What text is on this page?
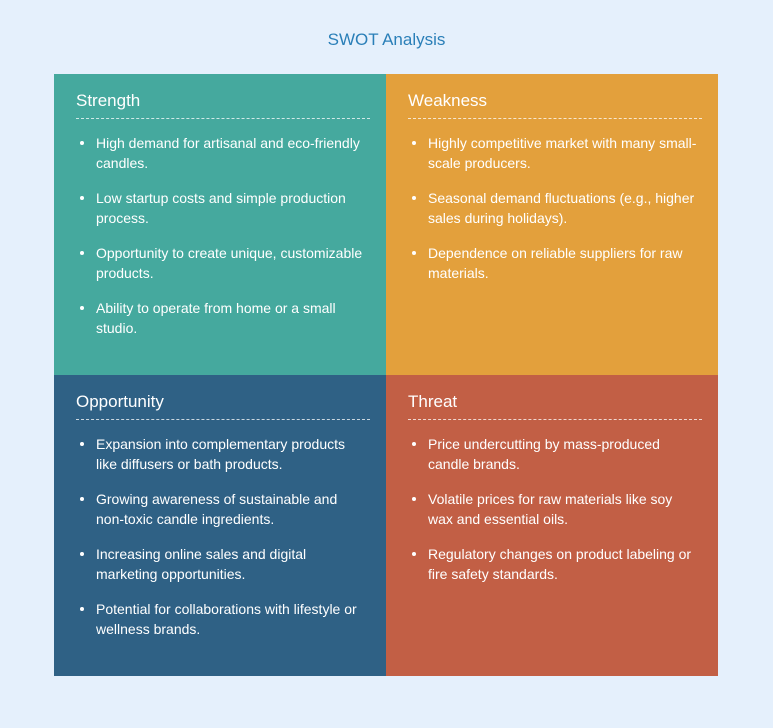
SWOT Analysis
Strength
High demand for artisanal and eco-friendly candles.
Low startup costs and simple production process.
Opportunity to create unique, customizable products.
Ability to operate from home or a small studio.
Weakness
Highly competitive market with many small-scale producers.
Seasonal demand fluctuations (e.g., higher sales during holidays).
Dependence on reliable suppliers for raw materials.
Opportunity
Expansion into complementary products like diffusers or bath products.
Growing awareness of sustainable and non-toxic candle ingredients.
Increasing online sales and digital marketing opportunities.
Potential for collaborations with lifestyle or wellness brands.
Threat
Price undercutting by mass-produced candle brands.
Volatile prices for raw materials like soy wax and essential oils.
Regulatory changes on product labeling or fire safety standards.
